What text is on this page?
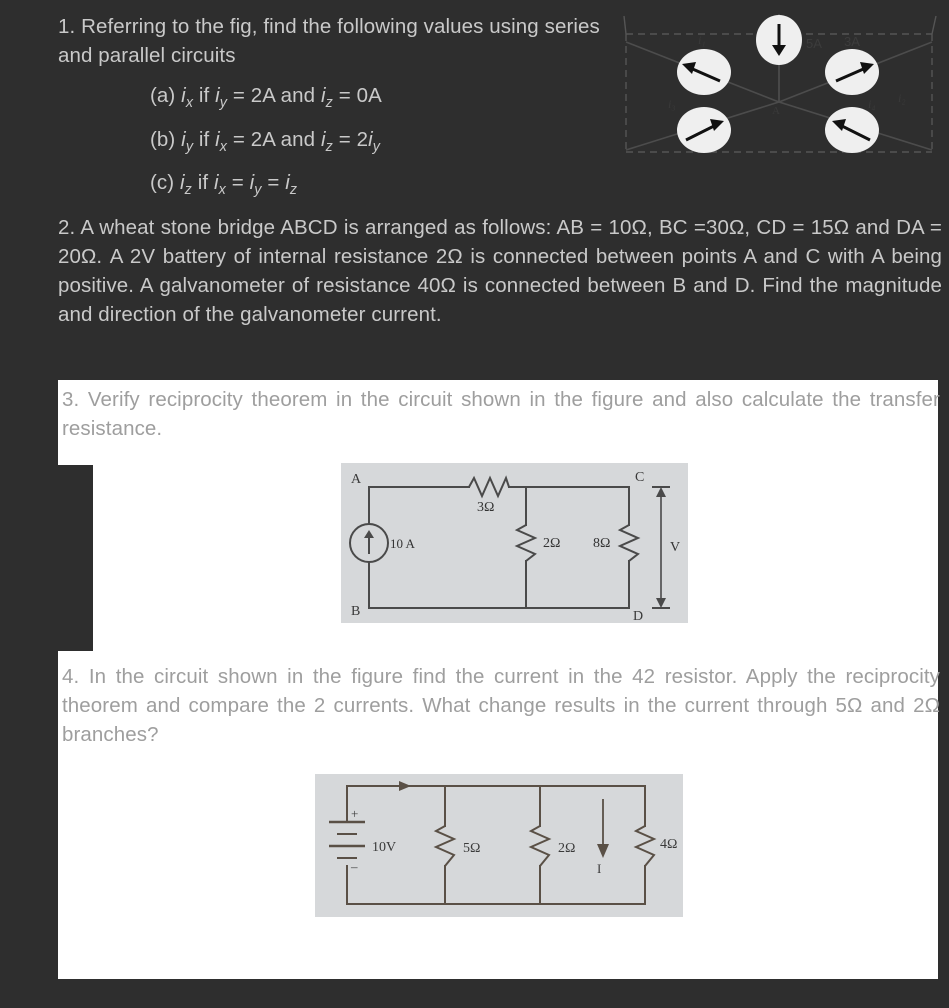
1. Referring to the fig, find the following values using series and parallel circuits
(a) $i_x$ if $i_y = 2A$ and $i_z = 0A$
(b) $i_y$ if $i_x = 2A$ and $i_z = 2i_y$
(c) $i_z$ if $i_x = i_y = i_z$
i₁
i₃	i₄ i₂
A
5A 3A
2. A wheat stone bridge ABCD is arranged as follows: AB = 10Ω, BC =30Ω, CD = 15Ω and DA = 20Ω. A 2V battery of internal resistance 2Ω is connected between points A and C with A being positive. A galvanometer of resistance 40Ω is connected between B and D. Find the magnitude and direction of the galvanometer current.
3. Verify reciprocity theorem in the circuit shown in the figure and also calculate the transfer resistance.
A
B
C
D
3Ω
10 A	2Ω 8Ω	V
4. In the circuit shown in the figure find the current in the 42 resistor. Apply the reciprocity theorem and compare the 2 currents. What change results in the current through 5Ω and 2Ω branches?
+
–
10V	5Ω	2Ω
I
4Ω
